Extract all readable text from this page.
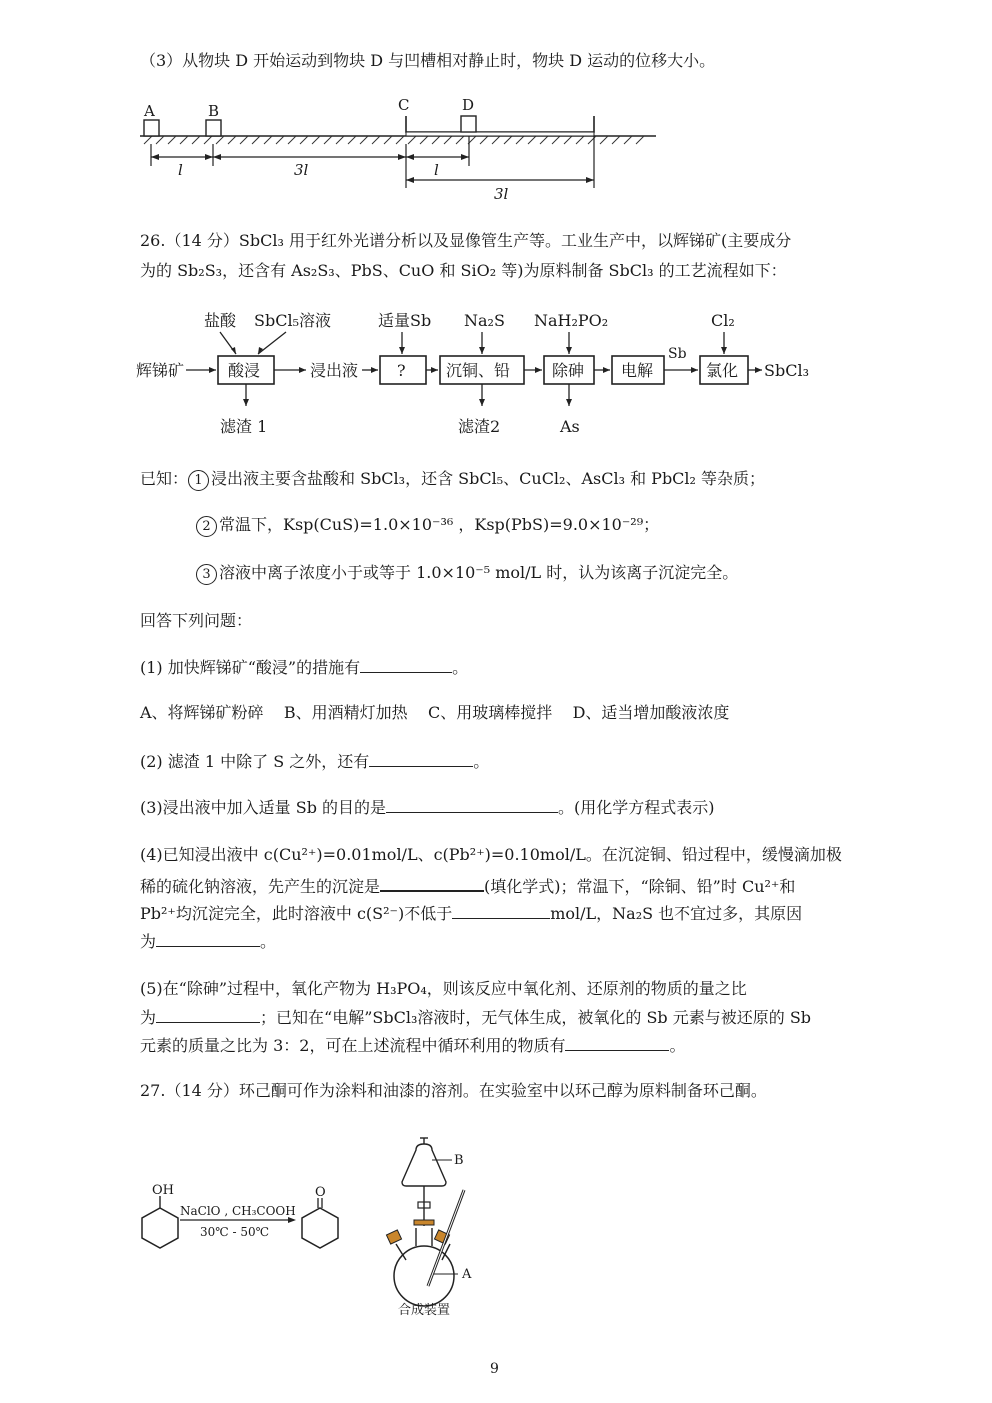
（3）从物块 D 开始运动到物块 D 与凹槽相对静止时，物块 D 运动的位移大小。
A	B	C	D
l	3l	l
3l
26.（14 分）SbCl₃ 用于红外光谱分析以及显像管生产等。工业生产中，以辉锑矿(主要成分
为的 Sb₂S₃，还含有 As₂S₃、PbS、CuO 和 SiO₂ 等)为原料制备 SbCl₃ 的工艺流程如下：
盐酸 SbCl₅溶液	适量Sb Na₂S NaH₂PO₂	Cl₂
辉锑矿	酸浸	浸出液 ?	沉铜、铅	除砷 电解
Sb
氯化 SbCl₃
滤渣 1	滤渣2	As
已知： 1 浸出液主要含盐酸和 SbCl₃，还含 SbCl₅、CuCl₂、AsCl₃ 和 PbCl₂ 等杂质；
2 常温下，Ksp(CuS)=1.0×10⁻³⁶ ，Ksp(PbS)=9.0×10⁻²⁹；
3 溶液中离子浓度小于或等于 1.0×10⁻⁵ mol/L 时，认为该离子沉淀完全。
回答下列问题：
(1) 加快辉锑矿“酸浸”的措施有	。
A、将辉锑矿粉碎    B、用酒精灯加热    C、用玻璃棒搅拌    D、适当增加酸液浓度
(2) 滤渣 1 中除了 S 之外，还有	。
(3)浸出液中加入适量 Sb 的目的是	。(用化学方程式表示)
(4)已知浸出液中 c(Cu²⁺)=0.01mol/L、c(Pb²⁺)=0.10mol/L。在沉淀铜、铅过程中，缓慢滴加极
稀的硫化钠溶液，先产生的沉淀是	(填化学式)；常温下，“除铜、铅”时 Cu²⁺和
Pb²⁺均沉淀完全，此时溶液中 c(S²⁻)不低于	mol/L，Na₂S 也不宜过多，其原因
为	。
(5)在“除砷”过程中，氧化产物为 H₃PO₄，则该反应中氧化剂、还原剂的物质的量之比
为	；已知在“电解”SbCl₃溶液时，无气体生成，被氧化的 Sb 元素与被还原的 Sb
元素的质量之比为 3：2，可在上述流程中循环利用的物质有	。
27.（14 分）环己酮可作为涂料和油漆的溶剂。在实验室中以环己醇为原料制备环己酮。
OH
NaClO , CH₃COOH
30℃ - 50℃
O
B
A
合成装置
9
